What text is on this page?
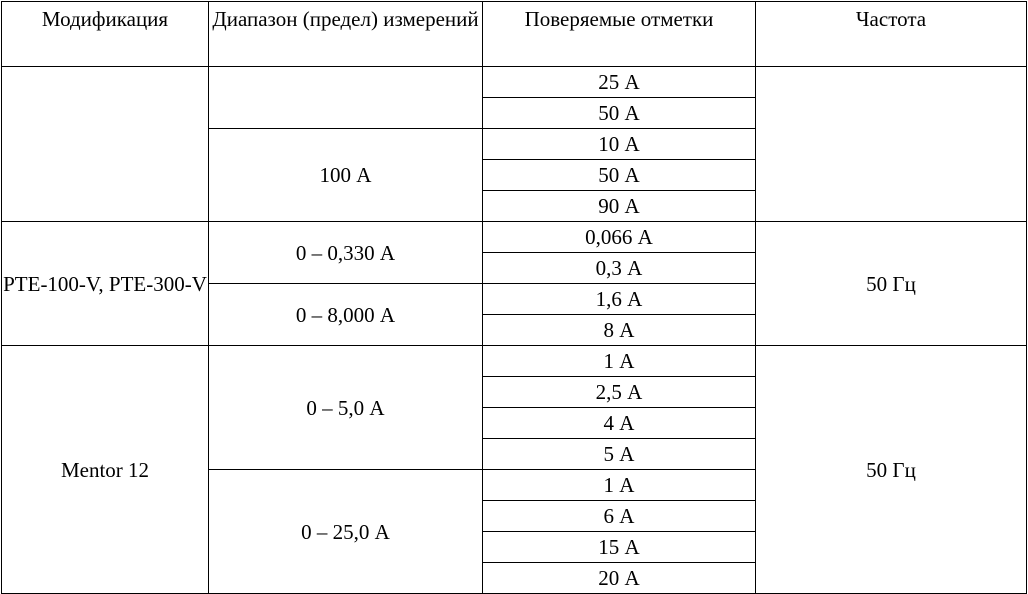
Модификация	Диапазон (предел) измерений	Поверяемые отметки	Частота
		25 А	
		50 А	
	100 А	10 А	
		50 А	
		90 А	
PTE-100-V, PTE-300-V	0 – 0,330 А	0,066 А	50 Гц
		0,3 А	
	0 – 8,000 А	1,6 А	
		8 А	
Mentor 12	0 – 5,0 А	1 А	50 Гц
		2,5 А	
		4 А	
		5 А	
	0 – 25,0 А	1 А	
		6 А	
		15 А	
		20 А	
